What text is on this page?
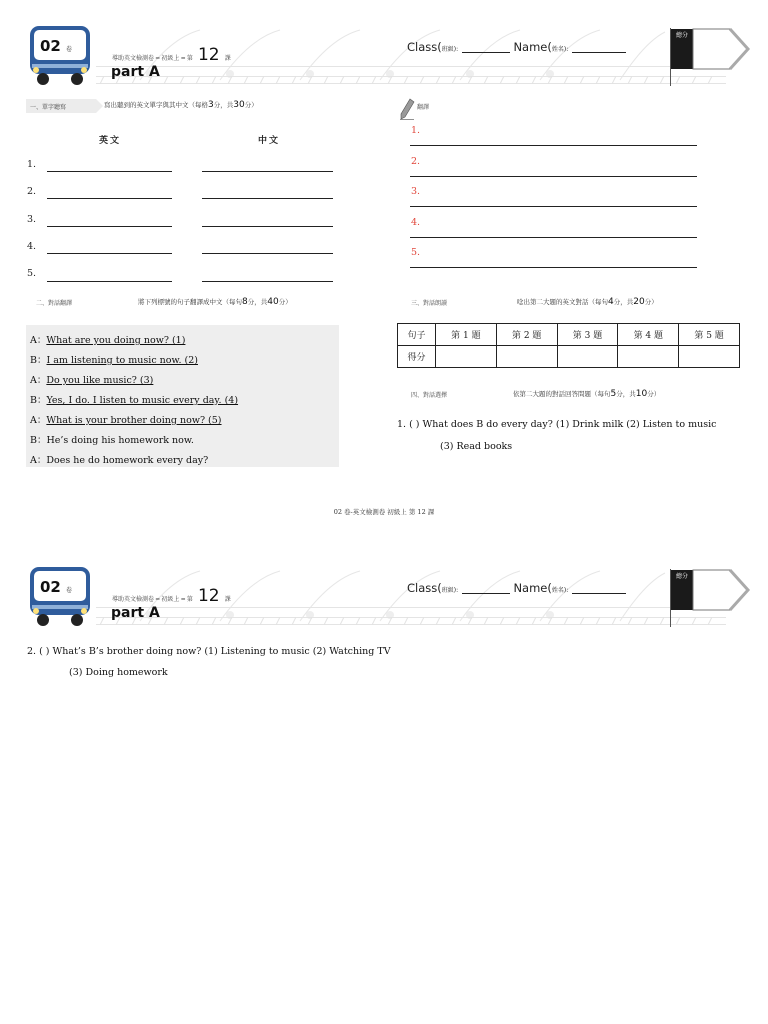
02 卷
導助英文檢測卷 ━ 初級上 ━ 第 12 課
part A
Class(班級):	Name(姓名):
總分
一、單字聽寫	寫出聽到的英文單字與其中文（每格3分，共30分）
英文	中文
1.
2.
3.
4.
5.
翻譯
1.
2.
3.
4.
5.
二、對話翻譯	將下列標號的句子翻譯成中文（每句8分，共40分）
A：What are you doing now? (1)
B：I am listening to music now. (2)
A：Do you like music? (3)
B：Yes, I do. I listen to music every day. (4)
A：What is your brother doing now? (5)
B：He’s doing his homework now.
A：Does he do homework every day?
三、對話朗讀	唸出第二大題的英文對話（每句4分，共20分）
句子	第 1 題	第 2 題	第 3 題	第 4 題	第 5 題
得分					
四、對話選擇	依第二大題的對話回答問題（每句5分，共10分）
1. ( ) What does B do every day? (1) Drink milk (2) Listen to music
(3) Read books
02 卷-英文檢測卷 初級上 第 12 課
02 卷
導助英文檢測卷 ━ 初級上 ━ 第 12 課
part A
Class(班級):	Name(姓名):
總分
2. ( ) What’s B’s brother doing now? (1) Listening to music (2) Watching TV
(3) Doing homework
